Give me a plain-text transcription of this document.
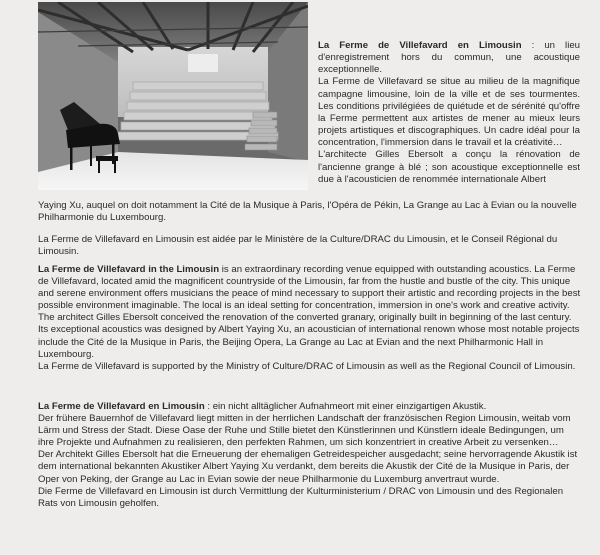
La Ferme de Villefavard en Limousin : un lieu d'enregistrement hors du commun, une acoustique exceptionnelle.

La Ferme de Villefavard se situe au milieu de la magnifique campagne limousine, loin de la ville et de ses tourmentes. Les conditions privilégiées de quiétude et de sérénité qu'offre la Ferme permettent aux artistes de mener au mieux leurs projets artistiques et discographiques. Un cadre idéal pour la concentration, l'immersion dans le travail et la créativité…

L'architecte Gilles Ebersolt a conçu la rénovation de l'ancienne grange à blé ; son acoustique exceptionnelle est due à l'acousticien de renommée internationale Albert

Yaying Xu, auquel on doit notamment la Cité de la Musique à Paris, l'Opéra de Pékin, La Grange au Lac à Evian ou la nouvelle Philharmonie du Luxembourg.

La Ferme de Villefavard en Limousin est aidée par le Ministère de la Culture/DRAC du Limousin, et le Conseil Régional du Limousin.

La Ferme de Villefavard in the Limousin is an extraordinary recording venue equipped with outstanding acoustics. La Ferme de Villefavard, located amid the magnificent countryside of the Limousin, far from the hustle and bustle of the city. This unique and serene environment offers musicians the peace of mind necessary to support their artistic and recording projects in the best possible environment imaginable. The local is an ideal setting for concentration, immersion in one's work and creative activity.

The architect Gilles Ebersolt conceived the renovation of the converted granary, originally built in beginning of the last century. Its exceptional acoustics was designed by Albert Yaying Xu, an acoustician of international renown whose most notable projects include the Cité de la Musique in Paris, the Beijing Opera, La Grange au Lac at Evian and the next Philharmonic Hall in Luxembourg.

La Ferme de Villefavard is supported by the Ministry of Culture/DRAC of Limousin as well as the Regional Council of Limousin.

La Ferme de Villefavard en Limousin : ein nicht alltäglicher Aufnahmeort mit einer einzigartigen Akustik.

Der frühere Bauernhof de Villefavard liegt mitten in der herrlichen Landschaft der französischen Region Limousin, weitab vom Lärm und Stress der Stadt. Diese Oase der Ruhe und Stille bietet den Künstlerinnen und Künstlern ideale Bedingungen, um ihre Projekte und Aufnahmen zu realisieren, den perfekten Rahmen, um sich konzentriert in creative Arbeit zu versenken…

Der Architekt Gilles Ebersolt hat die Erneuerung der ehemaligen Getreidespeicher ausgedacht; seine hervorragende Akustik ist dem international bekannten Akustiker Albert Yaying Xu verdankt, dem bereits die Akustik der Cité de la Musique in Paris, der Oper von Peking, der Grange au Lac in Evian sowie der neue Philharmonie du Luxemburg anvertraut wurde.

Die Ferme de Villefavard en Limousin ist durch Vermittlung der Kulturministerium / DRAC von Limousin und des Regionalen Rats von Limousin geholfen.
